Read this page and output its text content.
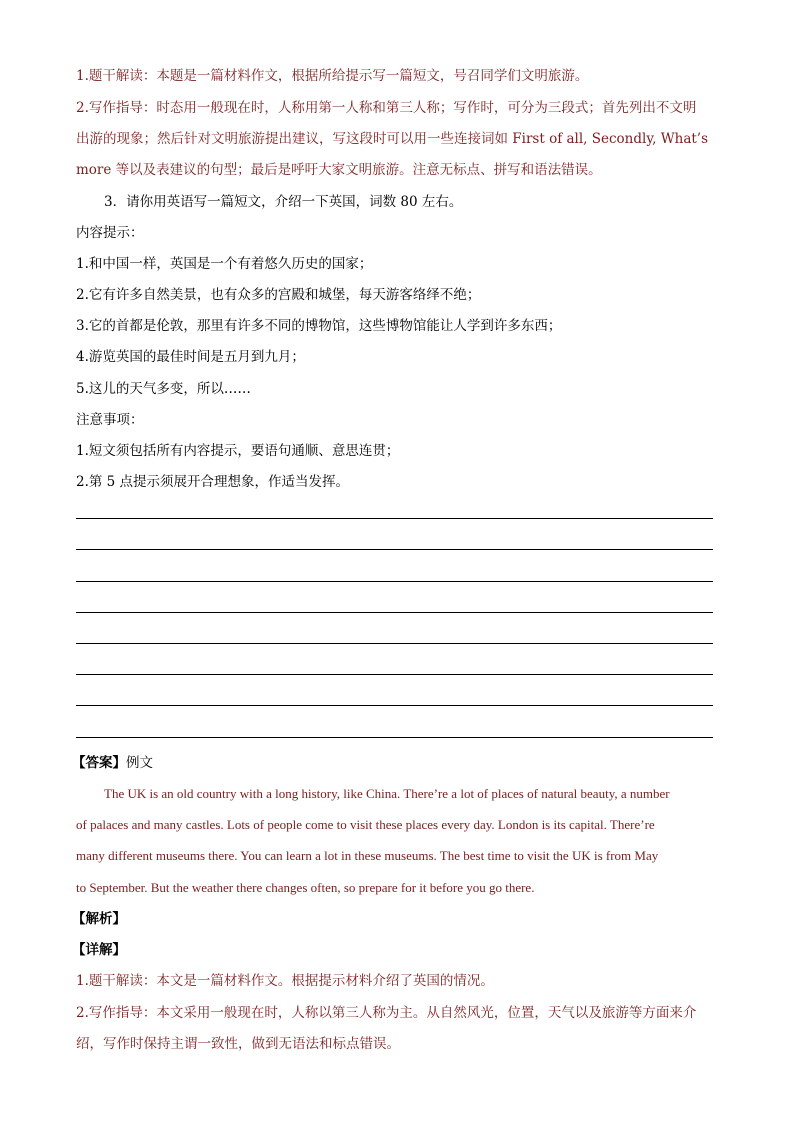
1.题干解读：本题是一篇材料作文，根据所给提示写一篇短文，号召同学们文明旅游。
2.写作指导：时态用一般现在时，人称用第一人称和第三人称；写作时，可分为三段式；首先列出不文明
出游的现象；然后针对文明旅游提出建议，写这段时可以用一些连接词如 First of all, Secondly, What’s
more 等以及表建议的句型；最后是呼吁大家文明旅游。注意无标点、拼写和语法错误。
3．请你用英语写一篇短文，介绍一下英国，词数 80 左右。
内容提示：
1.和中国一样，英国是一个有着悠久历史的国家；
2.它有许多自然美景，也有众多的宫殿和城堡，每天游客络绎不绝；
3.它的首都是伦敦，那里有许多不同的博物馆，这些博物馆能让人学到许多东西；
4.游览英国的最佳时间是五月到九月；
5.这儿的天气多变，所以……
注意事项：
1.短文须包括所有内容提示，要语句通顺、意思连贯；
2.第 5 点提示须展开合理想象，作适当发挥。
【答案】例文
The UK is an old country with a long history, like China. There’re a lot of places of natural beauty, a number
of palaces and many castles. Lots of people come to visit these places every day. London is its capital. There’re
many different museums there. You can learn a lot in these museums. The best time to visit the UK is from May
to September. But the weather there changes often, so prepare for it before you go there.
【解析】
【详解】
1.题干解读：本文是一篇材料作文。根据提示材料介绍了英国的情况。
2.写作指导：本文采用一般现在时，人称以第三人称为主。从自然风光，位置，天气以及旅游等方面来介
绍，写作时保持主谓一致性，做到无语法和标点错误。
